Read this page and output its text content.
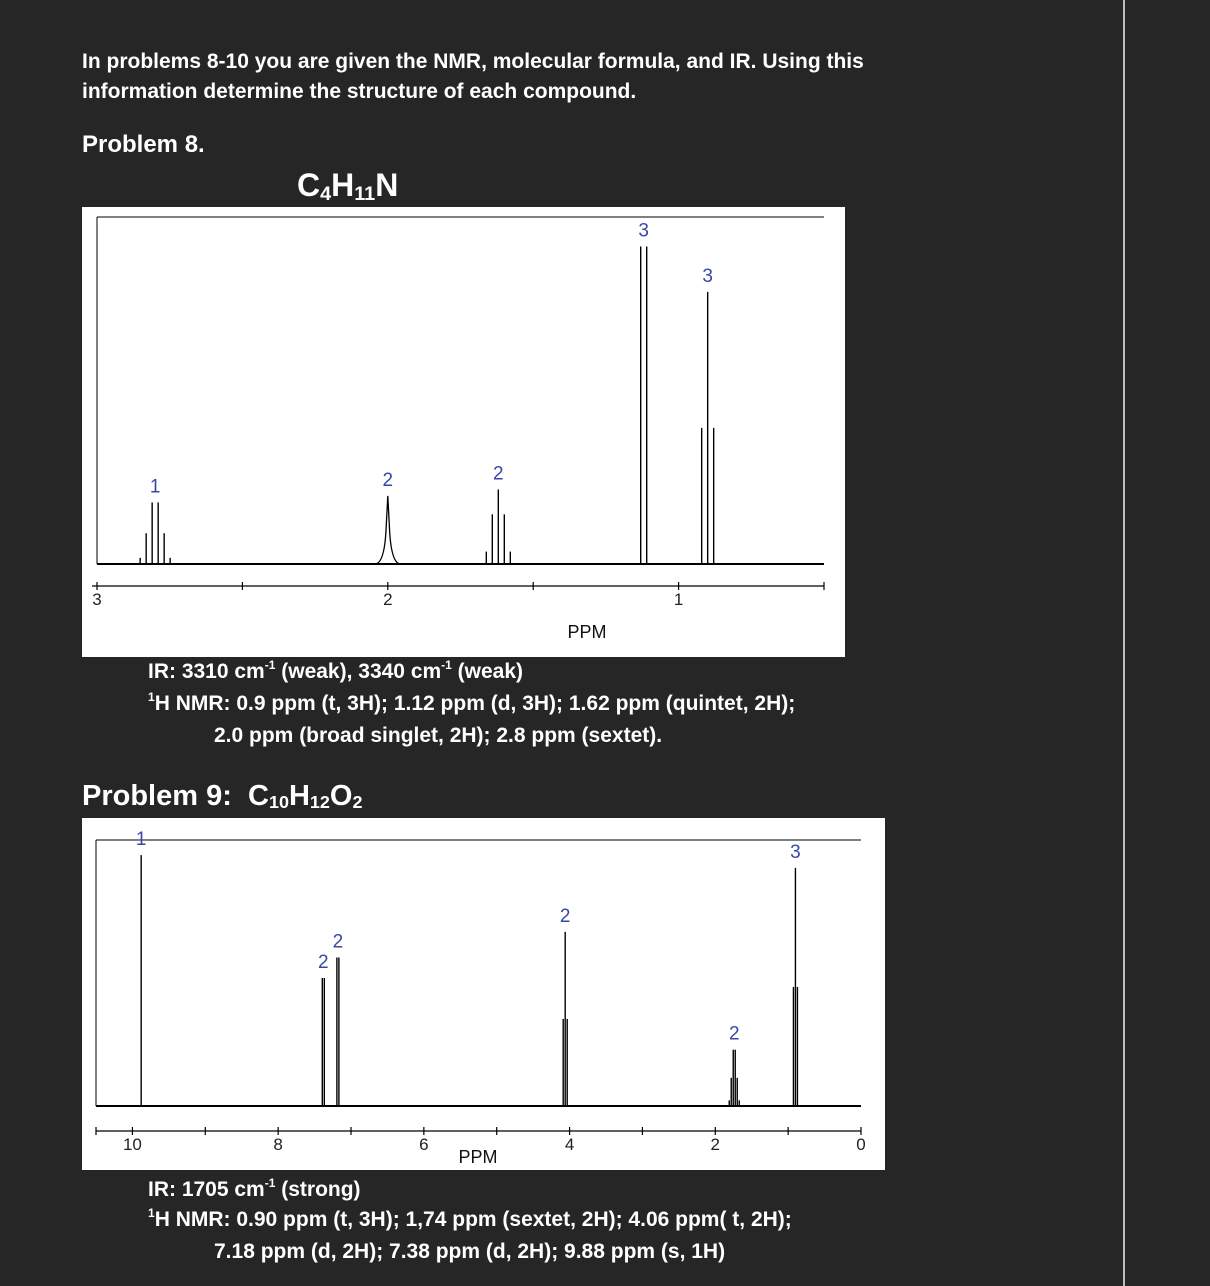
In problems 8-10 you are given the NMR, molecular formula, and IR. Using this
information determine the structure of each compound.
Problem 8.
$C_4H_{11}N$
3	2	1
PPM
1	2	2
3
3
IR: 3310 $cm^{-1}$ (weak), 3340 $cm^{-1}$ (weak)
$^1$H NMR: 0.9 ppm (t, 3H); 1.12 ppm (d, 3H); 1.62 ppm (quintet, 2H);
2.0 ppm (broad singlet, 2H); 2.8 ppm (sextet).
Problem 9:  $C_{10}H_{12}O_2$
10	8	6	4	2	0
PPM
1
2
2
2
2
3
IR: 1705 $cm^{-1}$ (strong)
$^1$H NMR: 0.90 ppm (t, 3H); 1,74 ppm (sextet, 2H); 4.06 ppm( t, 2H);
7.18 ppm (d, 2H); 7.38 ppm (d, 2H); 9.88 ppm (s, 1H)
